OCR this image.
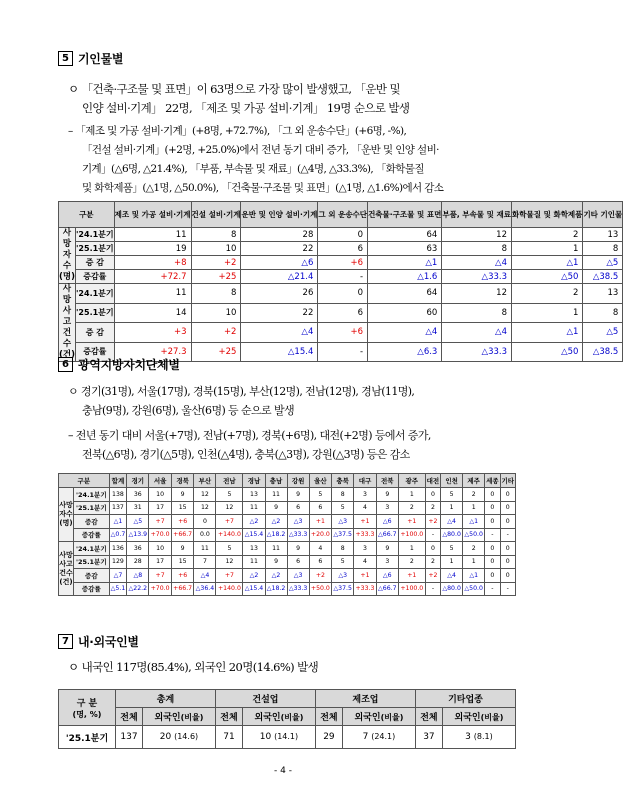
5 기인물별
ㅇ 「건축·구조물 및 표면」이 63명으로 가장 많이 발생했고, 「운반 및
인양 설비·기계」 22명, 「제조 및 가공 설비·기계」 19명 순으로 발생
– 「제조 및 가공 설비·기계」(+8명, +72.7%), 「그 외 운송수단」(+6명, -%),
「건설 설비·기계」(+2명, +25.0%)에서 전년 동기 대비 증가, 「운반 및 인양 설비·
기계」(△6명, △21.4%), 「부품, 부속물 및 재료」(△4명, △33.3%), 「화학물질
및 화학제품」(△1명, △50.0%), 「건축물·구조물 및 표면」(△1명, △1.6%)에서 감소
구분		제조 및 가공 설비·기계	건설 설비·기계	운반 및 인양 설비·기계	그 외 운송수단	건축물·구조물 및 표면	부품, 부속물 및 재료	화학물질 및 화학제품	기타 기인물
사망자수 (명)	'24.1분기	11	8	28	0	64	12	2	13
	'25.1분기	19	10	22	6	63	8	1	8
	증 감	+8	+2	△6	+6	△1	△4	△1	△5
	증감률	+72.7	+25	△21.4	-	△1.6	△33.3	△50	△38.5
사망사고 건수 (건)	'24.1분기	11	8	26	0	64	12	2	13
	'25.1분기	14	10	22	6	60	8	1	8
	증 감	+3	+2	△4	+6	△4	△4	△1	△5
	증감률	+27.3	+25	△15.4	-	△6.3	△33.3	△50	△38.5
6 광역지방자치단체별
ㅇ 경기(31명), 서울(17명), 경북(15명), 부산(12명), 전남(12명), 경남(11명),
충남(9명), 강원(6명), 울산(6명) 등 순으로 발생
– 전년 동기 대비 서울(+7명), 전남(+7명), 경북(+6명), 대전(+2명) 등에서 증가,
전북(△6명), 경기(△5명), 인천(△4명), 충북(△3명), 강원(△3명) 등은 감소
구분		합계	경기	서울	경북	부산	전남	경남	충남	강원	울산	충북	대구	전북	광주	대전	인천	제주	세종	기타
사망 자수 (명)	'24.1분기	138	36	10	9	12	5	13	11	9	5	8	3	9	1	0	5	2	0	0
	'25.1분기	137	31	17	15	12	12	11	9	6	6	5	4	3	2	2	1	1	0	0
	증감	△1	△5	+7	+6	0	+7	△2	△2	△3	+1	△3	+1	△6	+1	+2	△4	△1	0	0
	증감률	△0.7	△13.9	+70.0	+66.7	0.0	+140.0	△15.4	△18.2	△33.3	+20.0	△37.5	+33.3	△66.7	+100.0	-	△80.0	△50.0	-	-
사망 사고 건수 (건)	'24.1분기	136	36	10	9	11	5	13	11	9	4	8	3	9	1	0	5	2	0	0
	'25.1분기	129	28	17	15	7	12	11	9	6	6	5	4	3	2	2	1	1	0	0
	증감	△7	△8	+7	+6	△4	+7	△2	△2	△3	+2	△3	+1	△6	+1	+2	△4	△1	0	0
	증감률	△5.1	△22.2	+70.0	+66.7	△36.4	+140.0	△15.4	△18.2	△33.3	+50.0	△37.5	+33.3	△66.7	+100.0	-	△80.0	△50.0	-	-
7 내·외국인별
ㅇ 내국인 117명(85.4%), 외국인 20명(14.6%) 발생
구 분
(명, %)	총계		건설업		제조업		기타업종	
	전체	외국인(비율)	전체	외국인(비율)	전체	외국인(비율)	전체	외국인(비율)
'25.1분기	137	20 (14.6)	71	10 (14.1)	29	7 (24.1)	37	3 (8.1)
- 4 -
